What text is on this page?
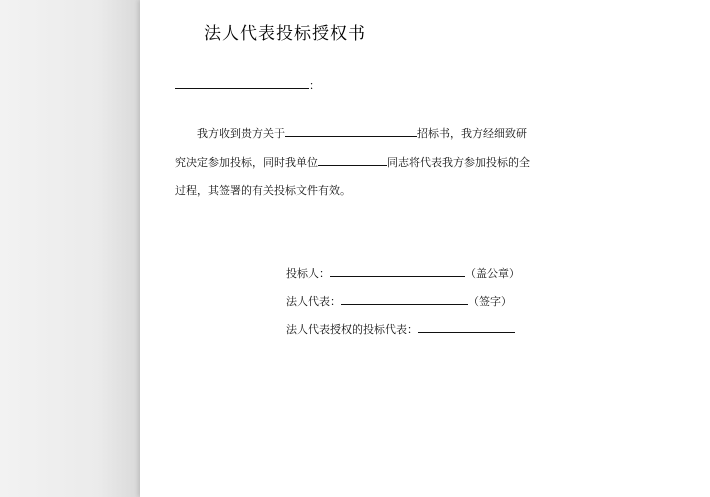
法人代表投标授权书
：
我方收到贵方关于	招标书，我方经细致研
究决定参加投标，同时我单位	同志将代表我方参加投标的全
过程，其签署的有关投标文件有效。
投标人：	（盖公章）
法人代表：	（签字）
法人代表授权的投标代表：
